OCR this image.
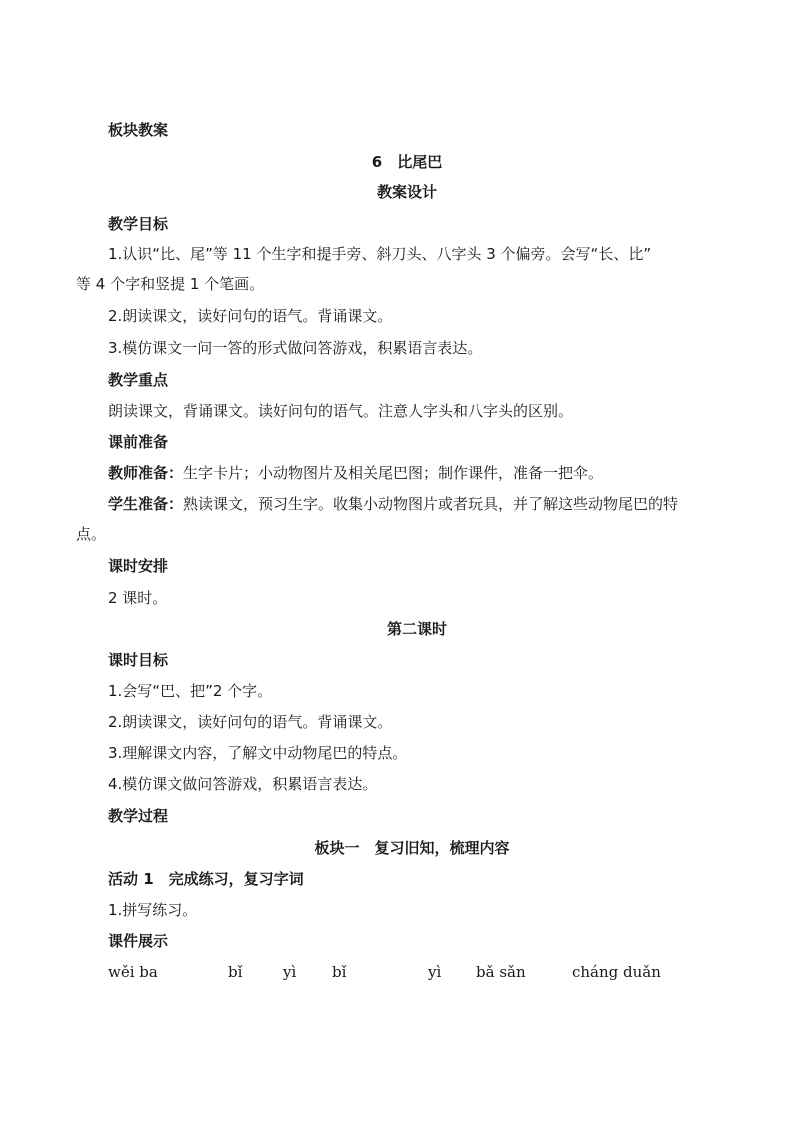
板块教案
6　比尾巴
教案设计
教学目标
1.认识“比、尾”等 11 个生字和提手旁、斜刀头、八字头 3 个偏旁。会写“长、比”
等 4 个字和竖提 1 个笔画。
2.朗读课文，读好问句的语气。背诵课文。
3.模仿课文一问一答的形式做问答游戏，积累语言表达。
教学重点
朗读课文，背诵课文。读好问句的语气。注意人字头和八字头的区别。
课前准备
教师准备：生字卡片；小动物图片及相关尾巴图；制作课件，准备一把伞。
学生准备：熟读课文，预习生字。收集小动物图片或者玩具，并了解这些动物尾巴的特
点。
课时安排
2 课时。
第二课时
课时目标
1.会写“巴、把”2 个字。
2.朗读课文，读好问句的语气。背诵课文。
3.理解课文内容，了解文中动物尾巴的特点。
4.模仿课文做问答游戏，积累语言表达。
教学过程
板块一　复习旧知，梳理内容
活动 1　完成练习，复习字词
1.拼写练习。
课件展示
wěi ba	bǐ	yì bǐ	yì bǎ sǎn	cháng duǎn
